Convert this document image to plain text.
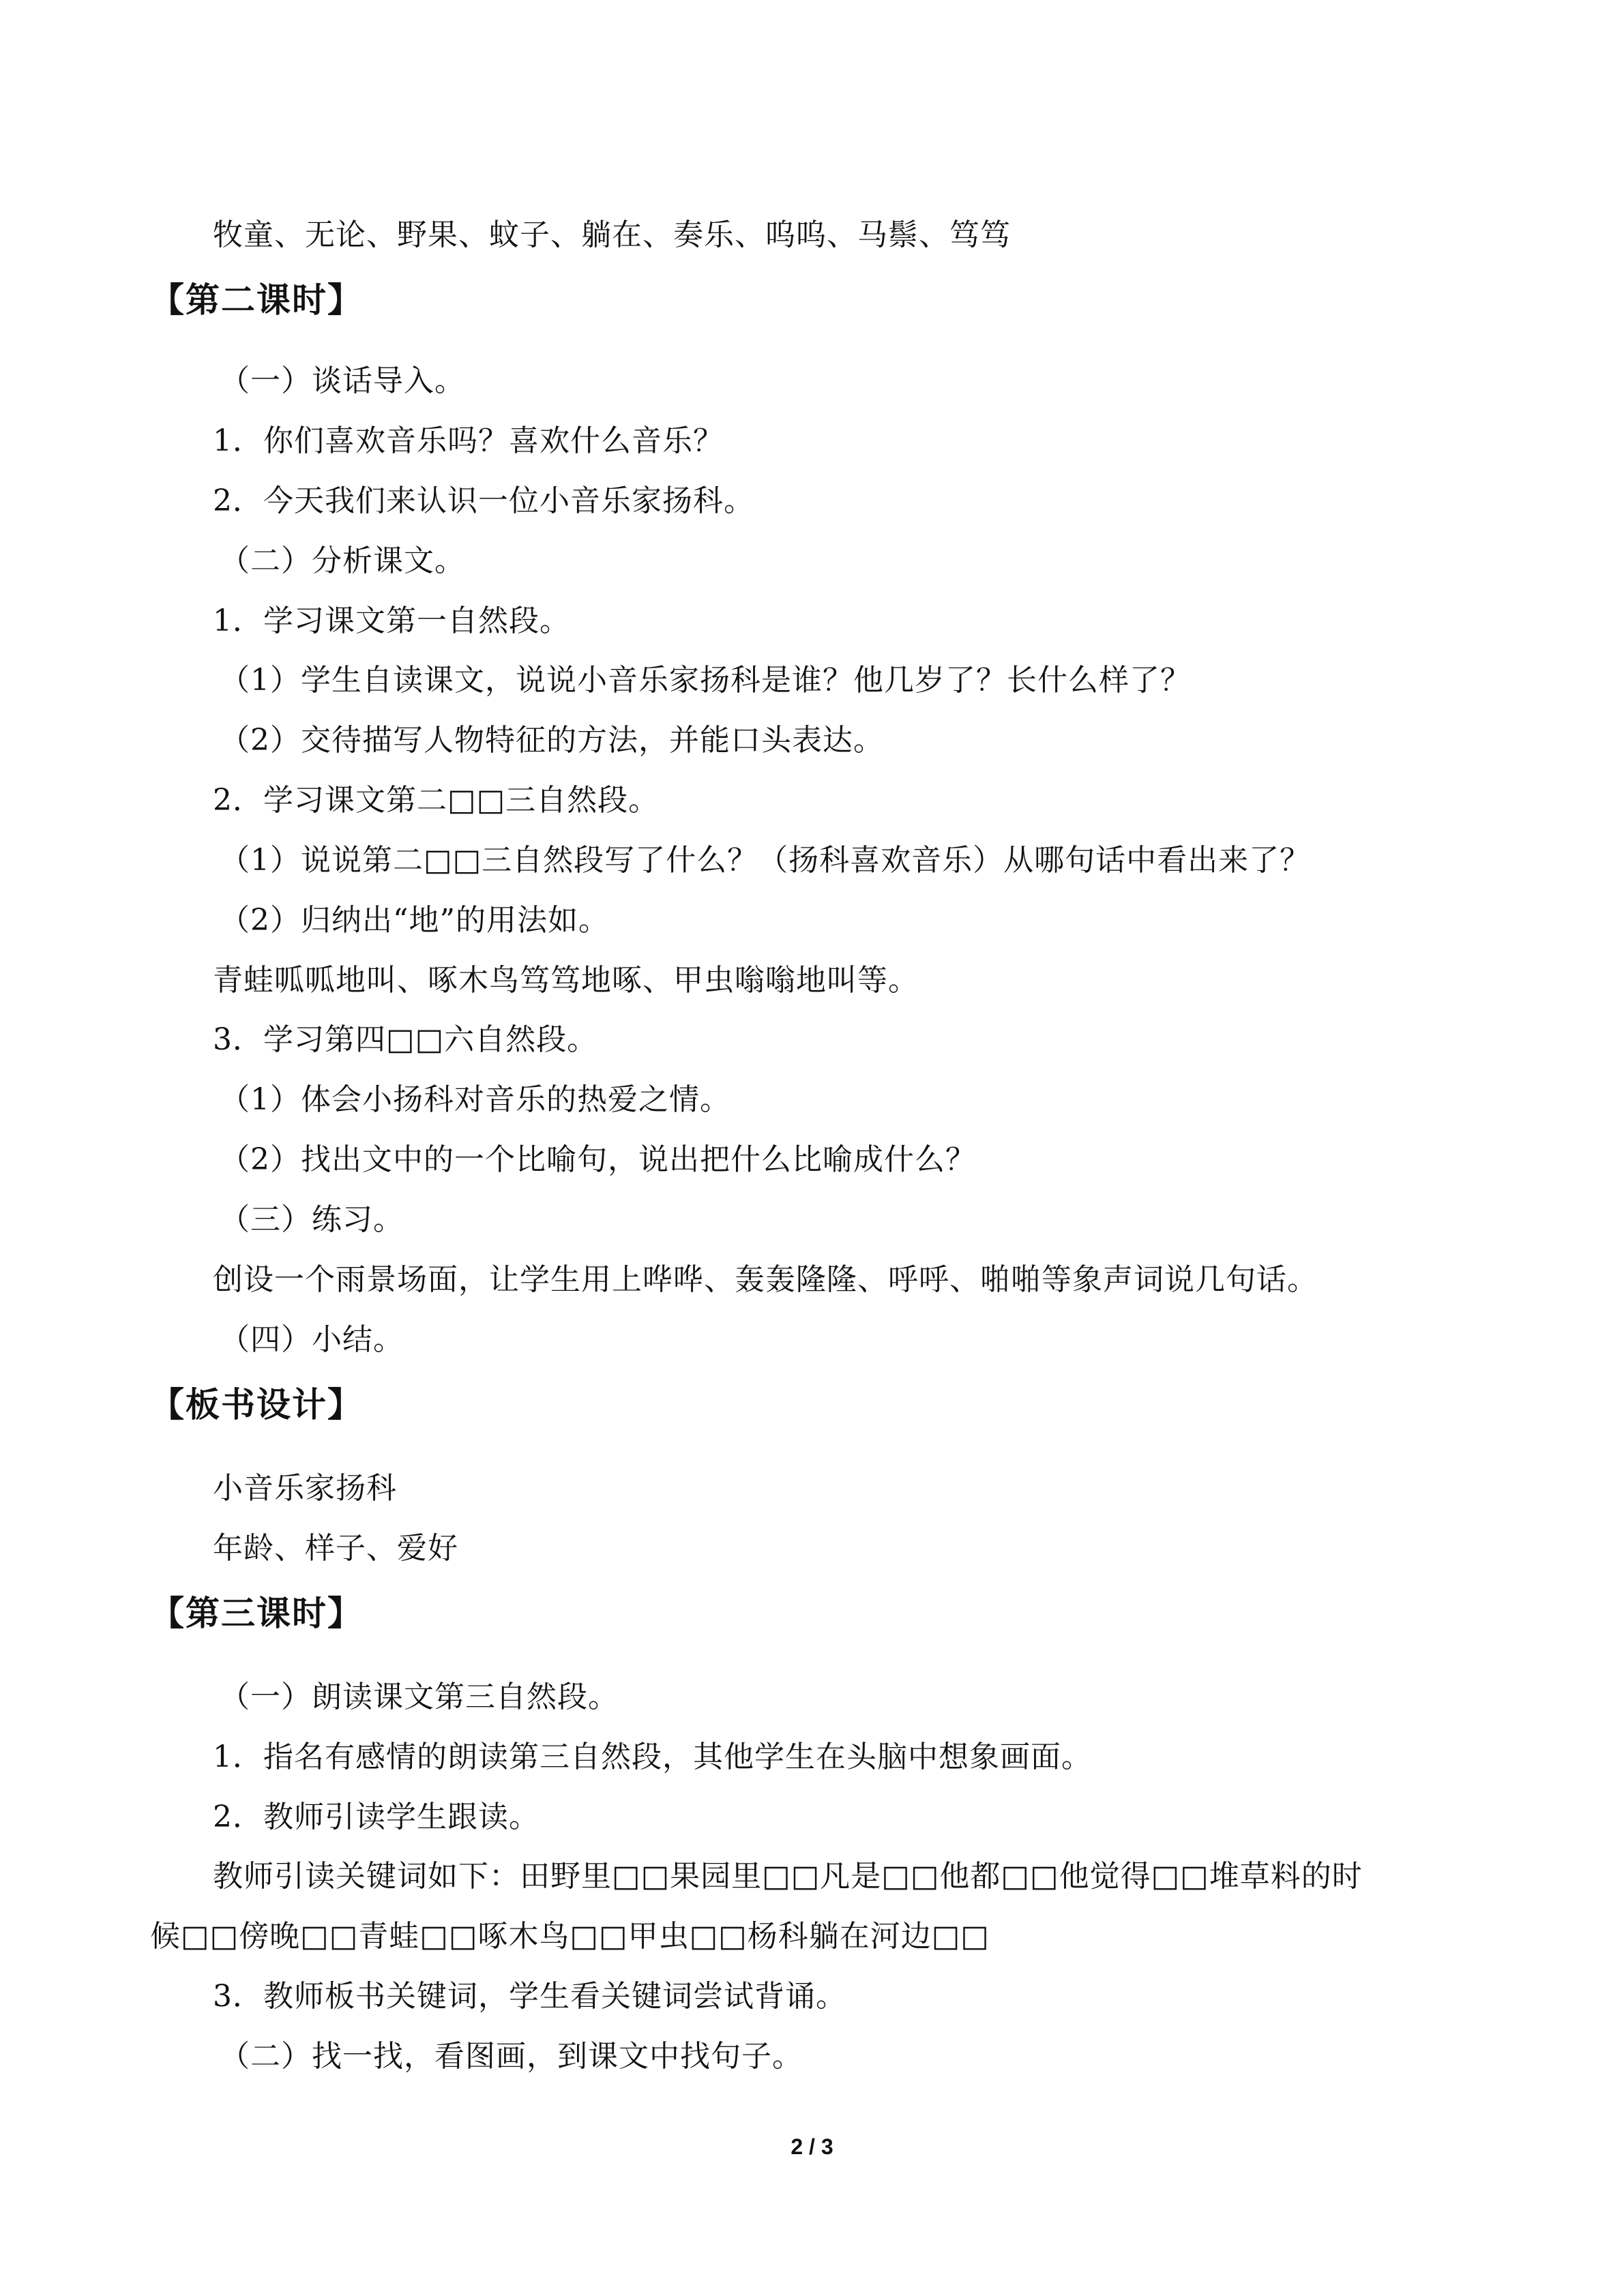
牧童、无论、野果、蚊子、躺在、奏乐、呜呜、马鬃、笃笃
【第二课时】
（一）谈话导入。
1．你们喜欢音乐吗？喜欢什么音乐？
2．今天我们来认识一位小音乐家扬科。
（二）分析课文。
1．学习课文第一自然段。
（1）学生自读课文，说说小音乐家扬科是谁？他几岁了？长什么样了？
（2）交待描写人物特征的方法，并能口头表达。
2．学习课文第二□□三自然段。
（1）说说第二□□三自然段写了什么？（扬科喜欢音乐）从哪句话中看出来了？
（2）归纳出“地”的用法如。
青蛙呱呱地叫、啄木鸟笃笃地啄、甲虫嗡嗡地叫等。
3．学习第四□□六自然段。
（1）体会小扬科对音乐的热爱之情。
（2）找出文中的一个比喻句，说出把什么比喻成什么？
（三）练习。
创设一个雨景场面，让学生用上哗哗、轰轰隆隆、呼呼、啪啪等象声词说几句话。
（四）小结。
【板书设计】
小音乐家扬科
年龄、样子、爱好
【第三课时】
（一）朗读课文第三自然段。
1．指名有感情的朗读第三自然段，其他学生在头脑中想象画面。
2．教师引读学生跟读。
教师引读关键词如下：田野里□□果园里□□凡是□□他都□□他觉得□□堆草料的时
候□□傍晚□□青蛙□□啄木鸟□□甲虫□□杨科躺在河边□□
3．教师板书关键词，学生看关键词尝试背诵。
（二）找一找，看图画，到课文中找句子。
2 / 3
